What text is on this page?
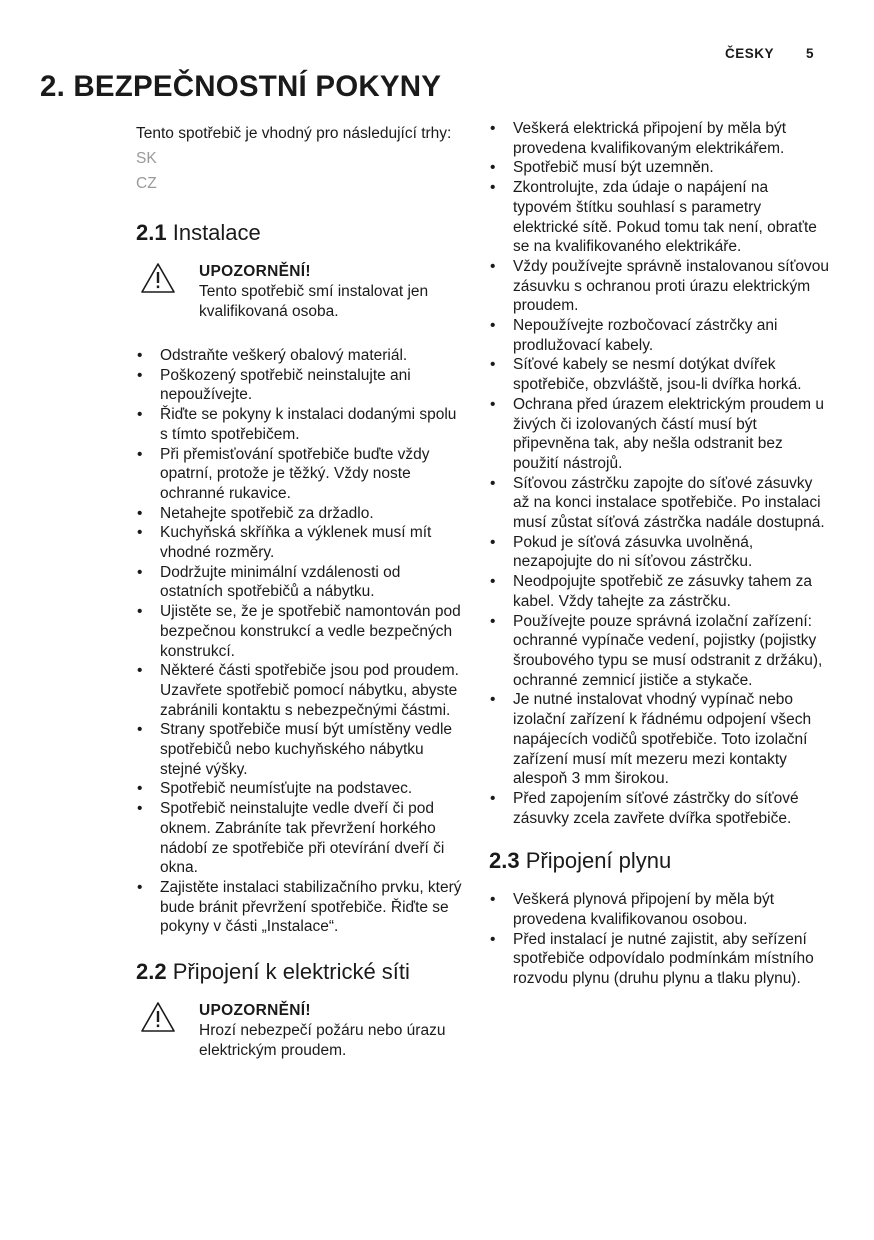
ČESKY 5
2. BEZPEČNOSTNÍ POKYNY

Tento spotřebič je vhodný pro následující trhy:

SK

CZ

2.1 Instalace
UPOZORNĚNÍ!
Tento spotřebič smí instalovat jen kvalifikovaná osoba.
• Odstraňte veškerý obalový materiál.
• Poškozený spotřebič neinstalujte ani nepoužívejte.
• Řiďte se pokyny k instalaci dodanými spolu s tímto spotřebičem.
• Při přemisťování spotřebiče buďte vždy opatrní, protože je těžký. Vždy noste ochranné rukavice.
• Netahejte spotřebič za držadlo.
• Kuchyňská skříňka a výklenek musí mít vhodné rozměry.
• Dodržujte minimální vzdálenosti od ostatních spotřebičů a nábytku.
• Ujistěte se, že je spotřebič namontován pod bezpečnou konstrukcí a vedle bezpečných konstrukcí.
• Některé části spotřebiče jsou pod proudem. Uzavřete spotřebič pomocí nábytku, abyste zabránili kontaktu s nebezpečnými částmi.
• Strany spotřebiče musí být umístěny vedle spotřebičů nebo kuchyňského nábytku stejné výšky.
• Spotřebič neumísťujte na podstavec.
• Spotřebič neinstalujte vedle dveří či pod oknem. Zabráníte tak převržení horkého nádobí ze spotřebiče při otevírání dveří či okna.
• Zajistěte instalaci stabilizačního prvku, který bude bránit převržení spotřebiče. Řiďte se pokyny v části „Instalace“.
2.2 Připojení k elektrické síti
UPOZORNĚNÍ!
Hrozí nebezpečí požáru nebo úrazu elektrickým proudem.
• Veškerá elektrická připojení by měla být provedena kvalifikovaným elektrikářem.
• Spotřebič musí být uzemněn.
• Zkontrolujte, zda údaje o napájení na typovém štítku souhlasí s parametry elektrické sítě. Pokud tomu tak není, obraťte se na kvalifikovaného elektrikáře.
• Vždy používejte správně instalovanou síťovou zásuvku s ochranou proti úrazu elektrickým proudem.
• Nepoužívejte rozbočovací zástrčky ani prodlužovací kabely.
• Síťové kabely se nesmí dotýkat dvířek spotřebiče, obzvláště, jsou-li dvířka horká.
• Ochrana před úrazem elektrickým proudem u živých či izolovaných částí musí být připevněna tak, aby nešla odstranit bez použití nástrojů.
• Síťovou zástrčku zapojte do síťové zásuvky až na konci instalace spotřebiče. Po instalaci musí zůstat síťová zástrčka nadále dostupná.
• Pokud je síťová zásuvka uvolněná, nezapojujte do ni síťovou zástrčku.
• Neodpojujte spotřebič ze zásuvky tahem za kabel. Vždy tahejte za zástrčku.
• Používejte pouze správná izolační zařízení: ochranné vypínače vedení, pojistky (pojistky šroubového typu se musí odstranit z držáku), ochranné zemnicí jističe a stykače.
• Je nutné instalovat vhodný vypínač nebo izolační zařízení k řádnému odpojení všech napájecích vodičů spotřebiče. Toto izolační zařízení musí mít mezeru mezi kontakty alespoň 3 mm širokou.
• Před zapojením síťové zástrčky do síťové zásuvky zcela zavřete dvířka spotřebiče.
2.3 Připojení plynu
• Veškerá plynová připojení by měla být provedena kvalifikovanou osobou.
• Před instalací je nutné zajistit, aby seřízení spotřebiče odpovídalo podmínkám místního rozvodu plynu (druhu plynu a tlaku plynu).
